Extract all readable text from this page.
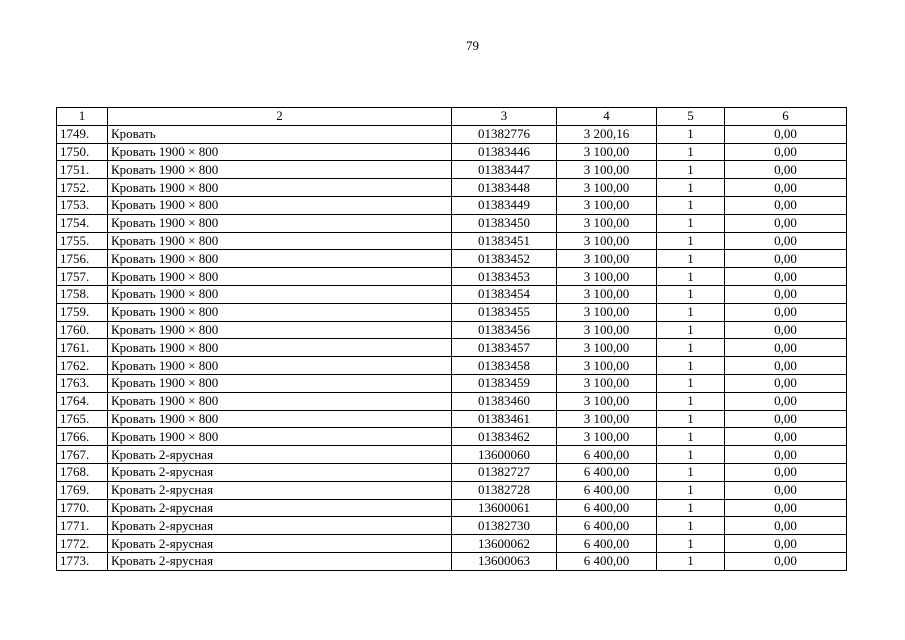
79
1	2	3	4	5	6
1749.	Кровать	01382776	3 200,16	1	0,00
1750.	Кровать 1900 × 800	01383446	3 100,00	1	0,00
1751.	Кровать 1900 × 800	01383447	3 100,00	1	0,00
1752.	Кровать 1900 × 800	01383448	3 100,00	1	0,00
1753.	Кровать 1900 × 800	01383449	3 100,00	1	0,00
1754.	Кровать 1900 × 800	01383450	3 100,00	1	0,00
1755.	Кровать 1900 × 800	01383451	3 100,00	1	0,00
1756.	Кровать 1900 × 800	01383452	3 100,00	1	0,00
1757.	Кровать 1900 × 800	01383453	3 100,00	1	0,00
1758.	Кровать 1900 × 800	01383454	3 100,00	1	0,00
1759.	Кровать 1900 × 800	01383455	3 100,00	1	0,00
1760.	Кровать 1900 × 800	01383456	3 100,00	1	0,00
1761.	Кровать 1900 × 800	01383457	3 100,00	1	0,00
1762.	Кровать 1900 × 800	01383458	3 100,00	1	0,00
1763.	Кровать 1900 × 800	01383459	3 100,00	1	0,00
1764.	Кровать 1900 × 800	01383460	3 100,00	1	0,00
1765.	Кровать 1900 × 800	01383461	3 100,00	1	0,00
1766.	Кровать 1900 × 800	01383462	3 100,00	1	0,00
1767.	Кровать 2-ярусная	13600060	6 400,00	1	0,00
1768.	Кровать 2-ярусная	01382727	6 400,00	1	0,00
1769.	Кровать 2-ярусная	01382728	6 400,00	1	0,00
1770.	Кровать 2-ярусная	13600061	6 400,00	1	0,00
1771.	Кровать 2-ярусная	01382730	6 400,00	1	0,00
1772.	Кровать 2-ярусная	13600062	6 400,00	1	0,00
1773.	Кровать 2-ярусная	13600063	6 400,00	1	0,00
